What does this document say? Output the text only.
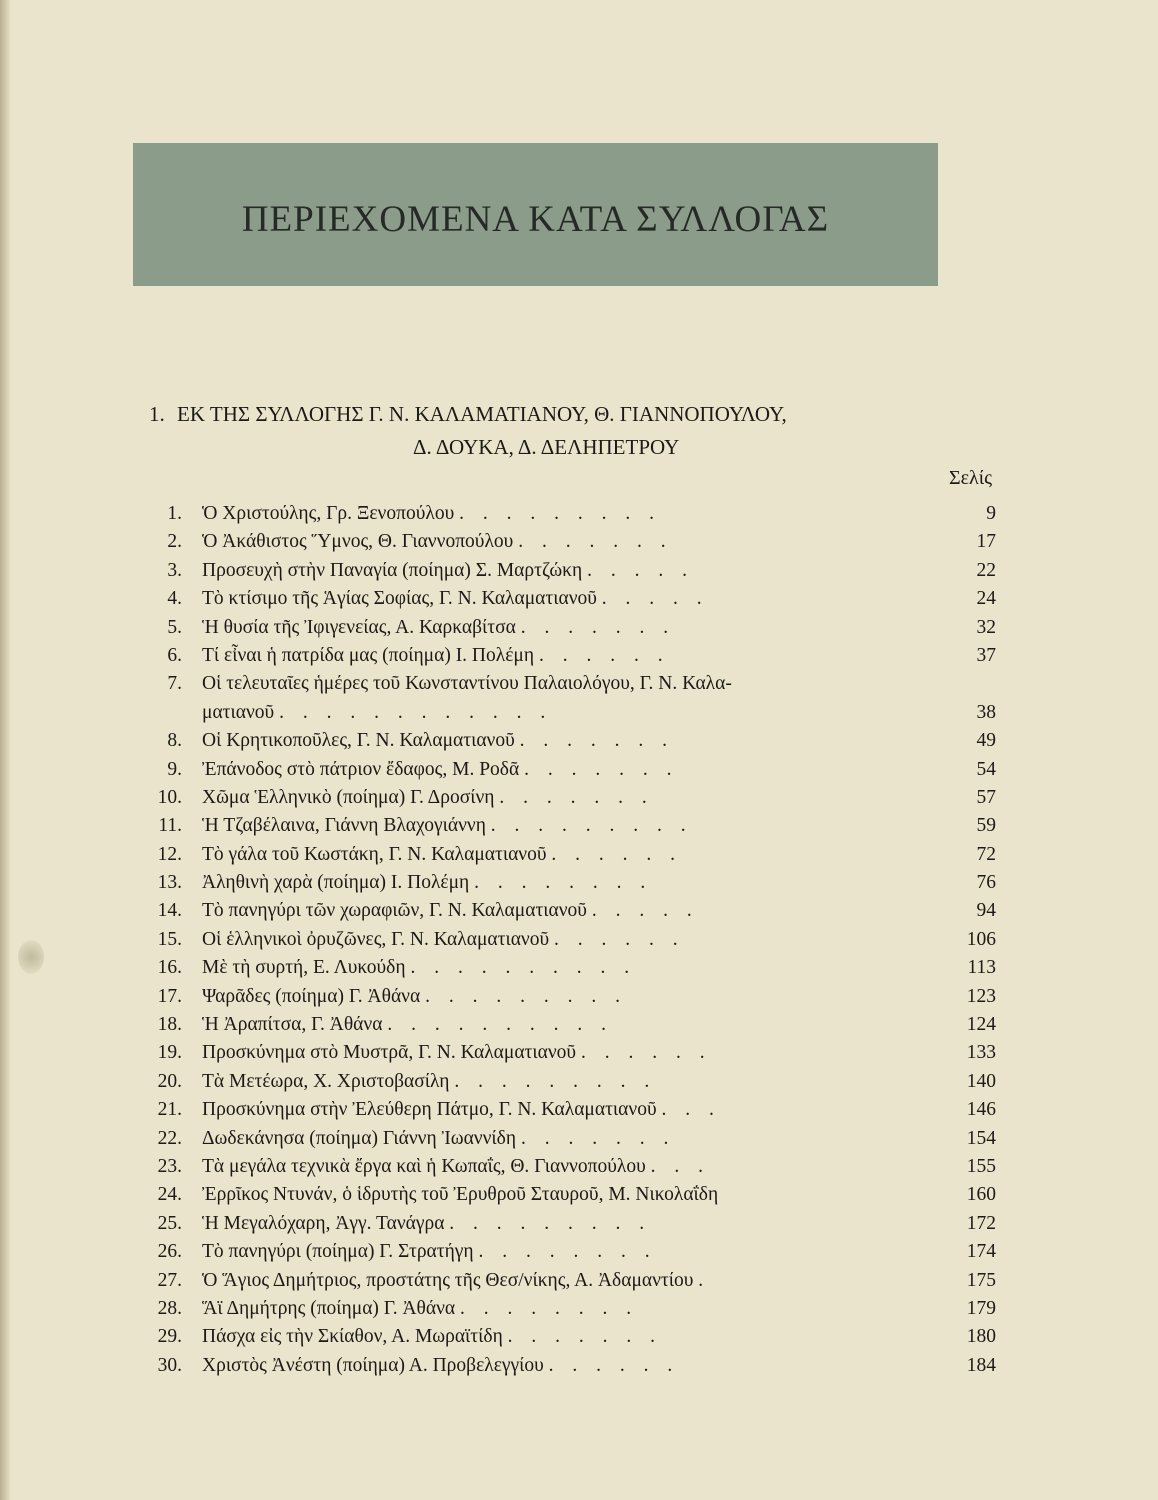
ΠΕΡΙΕΧΟΜΕΝΑ ΚΑΤΑ ΣΥΛΛΟΓΑΣ
1. ΕΚ ΤΗΣ ΣΥΛΛΟΓΗΣ Γ. Ν. ΚΑΛΑΜΑΤΙΑΝΟΥ, Θ. ΓΙΑΝΝΟΠΟΥΛΟΥ,
Δ. ΔΟΥΚΑ, Δ. ΔΕΛΗΠΕΤΡΟΥ
Σελίς
1. Ὁ Χριστούλης, Γρ. Ξενοπούλου . . . . . . . . .	9
2. Ὁ Ἀκάθιστος Ὕμνος, Θ. Γιαννοπούλου . . . . . . .	17
3. Προσευχὴ στὴν Παναγία (ποίημα) Σ. Μαρτζώκη . . . . .	22
4. Τὸ κτίσιμο τῆς Ἁγίας Σοφίας, Γ. Ν. Καλαματιανοῦ . . . . .	24
5. Ἡ θυσία τῆς Ἰφιγενείας, Α. Καρκαβίτσα . . . . . . .	32
6. Τί εἶναι ἡ πατρίδα μας (ποίημα) Ι. Πολέμη . . . . . .	37
7. Οἱ τελευταῖες ἡμέρες τοῦ Κωνσταντίνου Παλαιολόγου, Γ. Ν. Καλα-
ματιανοῦ . . . . . . . . . . . .	38
8. Οἱ Κρητικοποῦλες, Γ. Ν. Καλαματιανοῦ . . . . . . .	49
9. Ἐπάνοδος στὸ πάτριον ἔδαφος, Μ. Ροδᾶ . . . . . . .	54
10. Χῶμα Ἑλληνικὸ (ποίημα) Γ. Δροσίνη . . . . . . .	57
11. Ἡ Τζαβέλαινα, Γιάννη Βλαχογιάννη . . . . . . . . .	59
12. Τὸ γάλα τοῦ Κωστάκη, Γ. Ν. Καλαματιανοῦ . . . . . .	72
13. Ἀληθινὴ χαρὰ (ποίημα) Ι. Πολέμη . . . . . . . .	76
14. Τὸ πανηγύρι τῶν χωραφιῶν, Γ. Ν. Καλαματιανοῦ . . . . .	94
15. Οἱ ἑλληνικοὶ ὀρυζῶνες, Γ. Ν. Καλαματιανοῦ . . . . . .	106
16. Μὲ τὴ συρτή, Ε. Λυκούδη . . . . . . . . . .	113
17. Ψαρᾶδες (ποίημα) Γ. Ἀθάνα . . . . . . . . .	123
18. Ἡ Ἀραπίτσα, Γ. Ἀθάνα . . . . . . . . . .	124
19. Προσκύνημα στὸ Μυστρᾶ, Γ. Ν. Καλαματιανοῦ . . . . . .	133
20. Τὰ Μετέωρα, Χ. Χριστοβασίλη . . . . . . . . .	140
21. Προσκύνημα στὴν Ἐλεύθερη Πάτμο, Γ. Ν. Καλαματιανοῦ . . .	146
22. Δωδεκάνησα (ποίημα) Γιάννη Ἰωαννίδη . . . . . . .	154
23. Τὰ μεγάλα τεχνικὰ ἔργα καὶ ἡ Κωπαΐς, Θ. Γιαννοπούλου . . .	155
24. Ἐρρῖκος Ντυνάν, ὁ ἱδρυτὴς τοῦ Ἐρυθροῦ Σταυροῦ, Μ. Νικολαΐδη	160
25. Ἡ Μεγαλόχαρη, Ἀγγ. Τανάγρα . . . . . . . . .	172
26. Τὸ πανηγύρι (ποίημα) Γ. Στρατήγη . . . . . . . .	174
27. Ὁ Ἅγιος Δημήτριος, προστάτης τῆς Θεσ/νίκης, Α. Ἀδαμαντίου .	175
28. Ἅϊ Δημήτρης (ποίημα) Γ. Ἀθάνα . . . . . . . .	179
29. Πάσχα εἰς τὴν Σκίαθον, Α. Μωραϊτίδη . . . . . . .	180
30. Χριστὸς Ἀνέστη (ποίημα) Α. Προβελεγγίου . . . . . .	184
